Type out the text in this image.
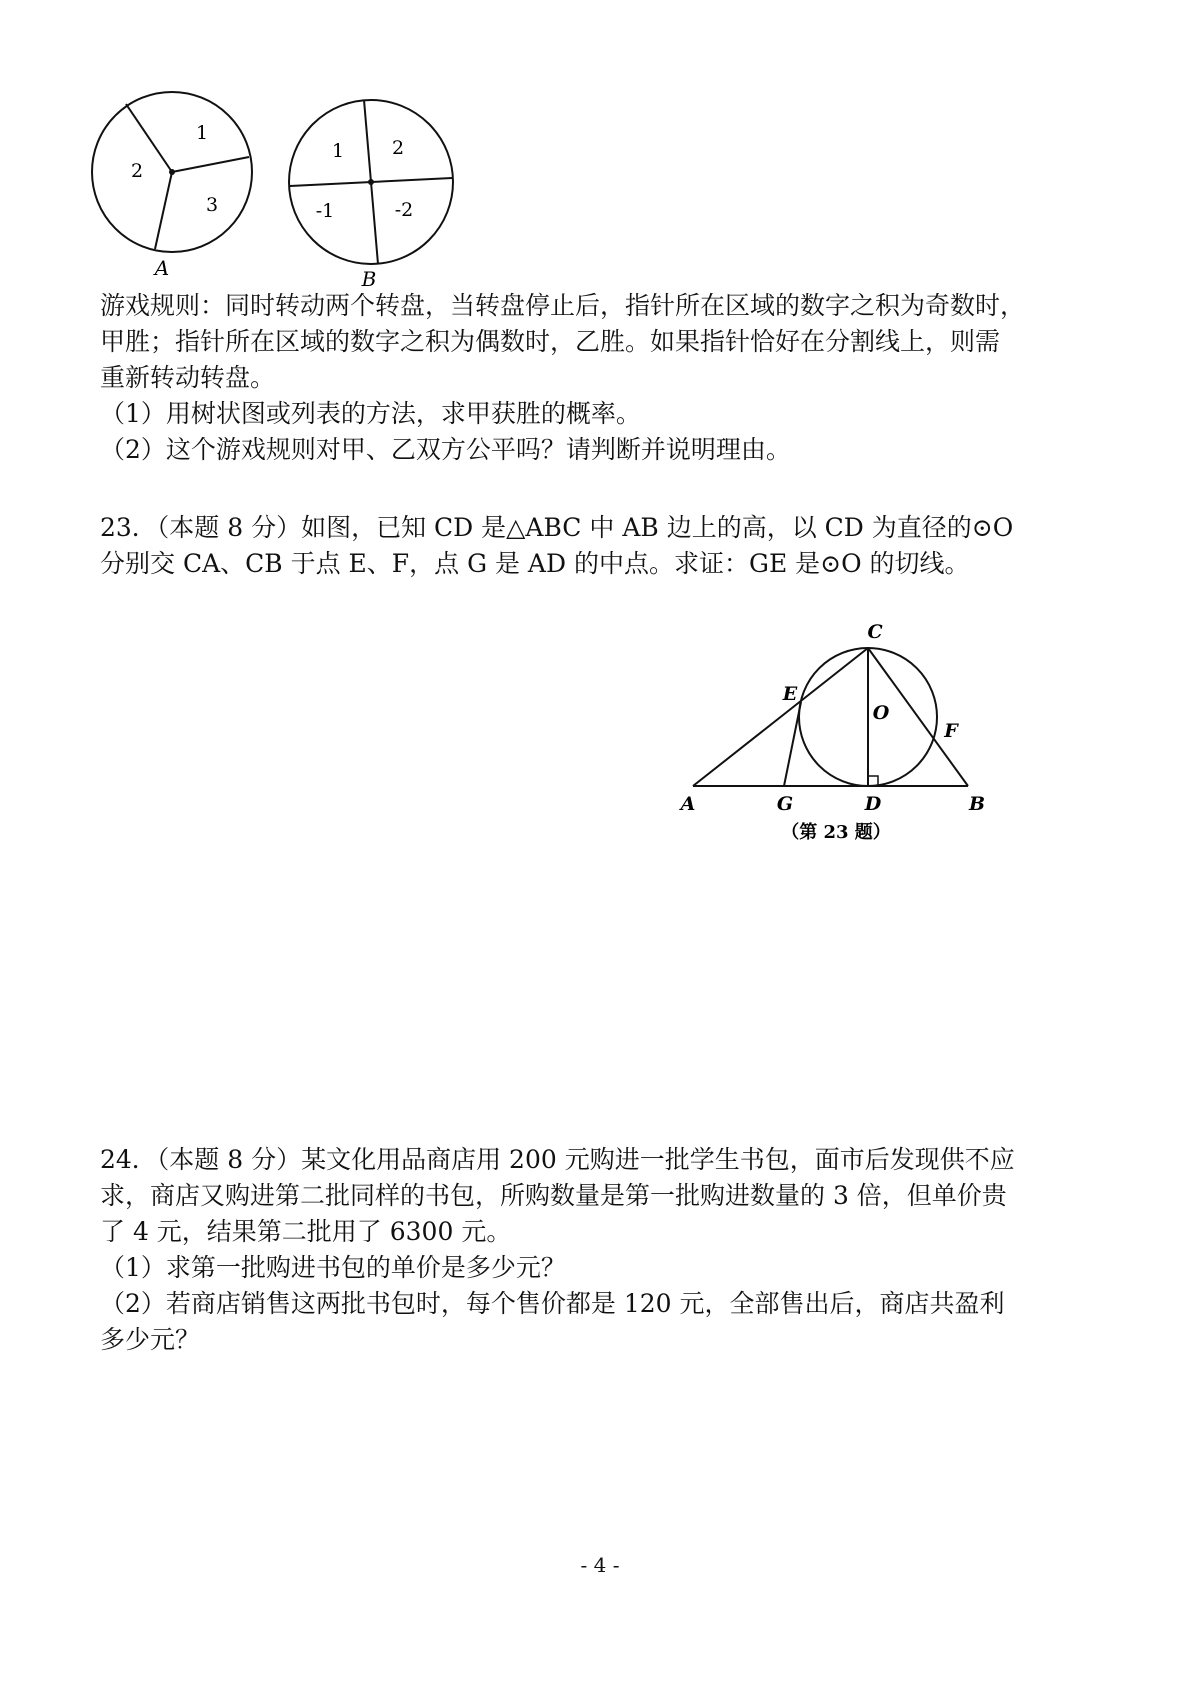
1
2
3
A
1	2
-1	-2
B
游戏规则：同时转动两个转盘，当转盘停止后，指针所在区域的数字之积为奇数时，
甲胜；指针所在区域的数字之积为偶数时，乙胜。如果指针恰好在分割线上，则需
重新转动转盘。
（1）用树状图或列表的方法，求甲获胜的概率。
（2）这个游戏规则对甲、乙双方公平吗？请判断并说明理由。
23．（本题 8 分）如图，已知 CD 是△ABC 中 AB 边上的高，以 CD 为直径的⊙O
分别交 CA、CB 于点 E、F，点 G 是 AD 的中点。求证：GE 是⊙O 的切线。
C
E
O
F
A	G	D	B
（第 23 题）
24．（本题 8 分）某文化用品商店用 200 元购进一批学生书包，面市后发现供不应
求，商店又购进第二批同样的书包，所购数量是第一批购进数量的 3 倍，但单价贵
了 4 元，结果第二批用了 6300 元。
（1）求第一批购进书包的单价是多少元？
（2）若商店销售这两批书包时，每个售价都是 120 元，全部售出后，商店共盈利
多少元？
- 4 -
